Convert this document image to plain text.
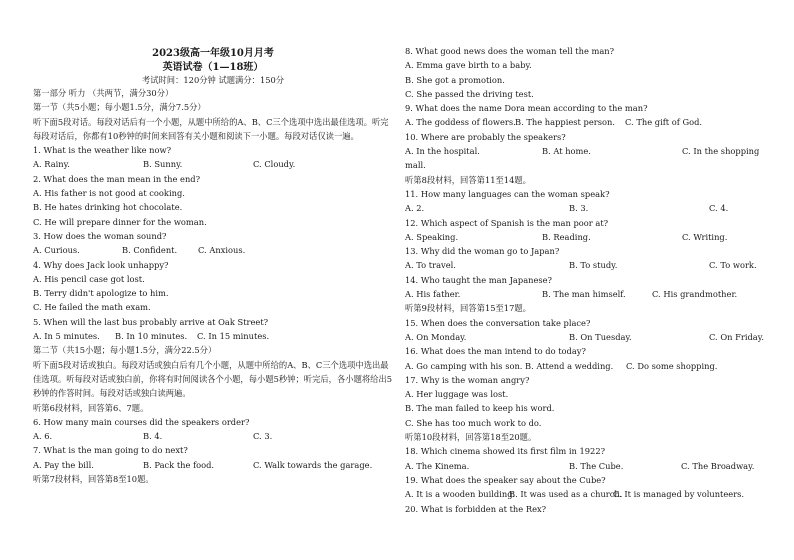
2023级高一年级10月月考
英语试卷（1—18班）
考试时间：120分钟 试题满分：150分
第一部分 听力 （共两节，满分30分）
第一节（共5小题；每小题1.5分，满分7.5分）
听下面5段对话。每段对话后有一个小题，从题中所给的A、B、C三个选项中选出最佳选项。听完每段对话后，你都有10秒钟的时间来回答有关小题和阅读下一小题。每段对话仅读一遍。
1. What is the weather like now?
A. Rainy.	B. Sunny.	C. Cloudy.
2. What does the man mean in the end?
A. His father is not good at cooking.
B. He hates drinking hot chocolate.
C. He will prepare dinner for the woman.
3. How does the woman sound?
A. Curious.	B. Confident.	C. Anxious.
4. Why does Jack look unhappy?
A. His pencil case got lost.
B. Terry didn't apologize to him.
C. He failed the math exam.
5. When will the last bus probably arrive at Oak Street?
A. In 5 minutes.	B. In 10 minutes.	C. In 15 minutes.
第二节（共15小题；每小题1.5分，满分22.5分）
听下面5段对话或独白。每段对话或独白后有几个小题，从题中所给的A、B、C三个选项中选出最佳选项。听每段对话或独白前，你将有时间阅读各个小题，每小题5秒钟；听完后，各小题将给出5秒钟的作答时间。每段对话或独白读两遍。
听第6段材料，回答第6、7题。
6. How many main courses did the speakers order?
A. 6.	B. 4.	C. 3.
7. What is the man going to do next?
A. Pay the bill.	B. Pack the food.	C. Walk towards the garage.
听第7段材料，回答第8至10题。
8. What good news does the woman tell the man?
A. Emma gave birth to a baby.
B. She got a promotion.
C. She passed the driving test.
9. What does the name Dora mean according to the man?
A. The goddess of flowers. B. The happiest person.	C. The gift of God.
10. Where are probably the speakers?
A. In the hospital.	B. At home.	C. In the shopping
mall.
听第8段材料，回答第11至14题。
11. How many languages can the woman speak?
A. 2.	B. 3.	C. 4.
12. Which aspect of Spanish is the man poor at?
A. Speaking.	B. Reading.	C. Writing.
13. Why did the woman go to Japan?
A. To travel.	B. To study.	C. To work.
14. Who taught the man Japanese?
A. His father.	B. The man himself.	C. His grandmother.
听第9段材料，回答第15至17题。
15. When does the conversation take place?
A. On Monday.	B. On Tuesday.	C. On Friday.
16. What does the man intend to do today?
A. Go camping with his son. B. Attend a wedding.	C. Do some shopping.
17. Why is the woman angry?
A. Her luggage was lost.
B. The man failed to keep his word.
C. She has too much work to do.
听第10段材料，回答第18至20题。
18. Which cinema showed its first film in 1922?
A. The Kinema.	B. The Cube.	C. The Broadway.
19. What does the speaker say about the Cube?
A. It is a wooden building.
B. It was used as a church.
C. It is managed by volunteers.
20. What is forbidden at the Rex?
